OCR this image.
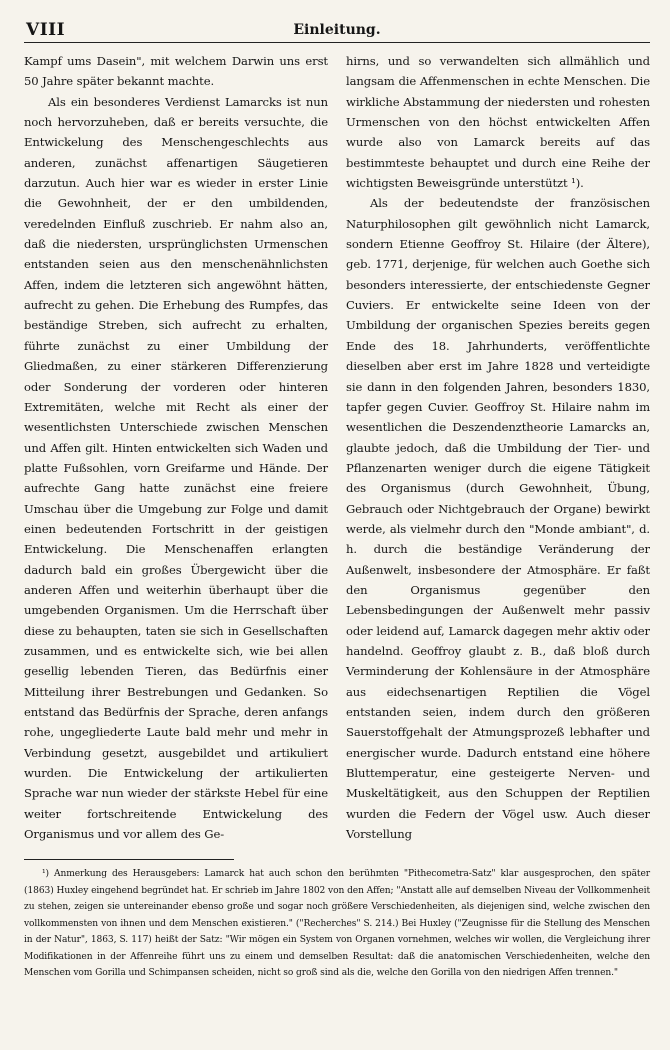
VIII	Einleitung.

Kampf ums Dasein", mit welchem Darwin uns erst 50 Jahre später bekannt machte.

Als ein besonderes Verdienst Lamarcks ist nun noch hervorzuheben, daß er bereits versuchte, die Entwickelung des Menschengeschlechts aus anderen, zunächst affenartigen Säugetieren darzutun. Auch hier war es wieder in erster Linie die Gewohnheit, der er den umbildenden, veredelnden Einfluß zuschrieb. Er nahm also an, daß die niedersten, ursprünglichsten Urmenschen entstanden seien aus den menschenähnlichsten Affen, indem die letzteren sich angewöhnt hätten, aufrecht zu gehen. Die Erhebung des Rumpfes, das beständige Streben, sich aufrecht zu erhalten, führte zunächst zu einer Umbildung der Gliedmaßen, zu einer stärkeren Differenzierung oder Sonderung der vorderen oder hinteren Extremitäten, welche mit Recht als einer der wesentlichsten Unterschiede zwischen Menschen und Affen gilt. Hinten entwickelten sich Waden und platte Fußsohlen, vorn Greifarme und Hände. Der aufrechte Gang hatte zunächst eine freiere Umschau über die Umgebung zur Folge und damit einen bedeutenden Fortschritt in der geistigen Entwickelung. Die Menschenaffen erlangten dadurch bald ein großes Übergewicht über die anderen Affen und weiterhin überhaupt über die umgebenden Organismen. Um die Herrschaft über diese zu behaupten, taten sie sich in Gesellschaften zusammen, und es entwickelte sich, wie bei allen gesellig lebenden Tieren, das Bedürfnis einer Mitteilung ihrer Bestrebungen und Gedanken. So entstand das Bedürfnis der Sprache, deren anfangs rohe, ungegliederte Laute bald mehr und mehr in Verbindung gesetzt, ausgebildet und artikuliert wurden. Die Entwickelung der artikulierten Sprache war nun wieder der stärkste Hebel für eine weiter fortschreitende Entwickelung des Organismus und vor allem des Ge-

hirns, und so verwandelten sich allmählich und langsam die Affenmenschen in echte Menschen. Die wirkliche Abstammung der niedersten und rohesten Urmenschen von den höchst entwickelten Affen wurde also von Lamarck bereits auf das bestimmteste behauptet und durch eine Reihe der wichtigsten Beweisgründe unterstützt ¹).

Als der bedeutendste der französischen Naturphilosophen gilt gewöhnlich nicht Lamarck, sondern Etienne Geoffroy St. Hilaire (der Ältere), geb. 1771, derjenige, für welchen auch Goethe sich besonders interessierte, der entschiedenste Gegner Cuviers. Er entwickelte seine Ideen von der Umbildung der organischen Spezies bereits gegen Ende des 18. Jahrhunderts, veröffentlichte dieselben aber erst im Jahre 1828 und verteidigte sie dann in den folgenden Jahren, besonders 1830, tapfer gegen Cuvier. Geoffroy St. Hilaire nahm im wesentlichen die Deszendenztheorie Lamarcks an, glaubte jedoch, daß die Umbildung der Tier- und Pflanzenarten weniger durch die eigene Tätigkeit des Organismus (durch Gewohnheit, Übung, Gebrauch oder Nichtgebrauch der Organe) bewirkt werde, als vielmehr durch den "Monde ambiant", d. h. durch die beständige Veränderung der Außenwelt, insbesondere der Atmosphäre. Er faßt den Organismus gegenüber den Lebensbedingungen der Außenwelt mehr passiv oder leidend auf, Lamarck dagegen mehr aktiv oder handelnd. Geoffroy glaubt z. B., daß bloß durch Verminderung der Kohlensäure in der Atmosphäre aus eidechsenartigen Reptilien die Vögel entstanden seien, indem durch den größeren Sauerstoffgehalt der Atmungsprozeß lebhafter und energischer wurde. Dadurch entstand eine höhere Bluttemperatur, eine gesteigerte Nerven- und Muskeltätigkeit, aus den Schuppen der Reptilien wurden die Federn der Vögel usw. Auch dieser Vorstellung

¹) Anmerkung des Herausgebers: Lamarck hat auch schon den berühmten "Pithecometra-Satz" klar ausgesprochen, den später (1863) Huxley eingehend begründet hat. Er schrieb im Jahre 1802 von den Affen; "Anstatt alle auf demselben Niveau der Vollkommenheit zu stehen, zeigen sie untereinander ebenso große und sogar noch größere Verschiedenheiten, als diejenigen sind, welche zwischen den vollkommensten von ihnen und dem Menschen existieren." ("Recherches" S. 214.) Bei Huxley ("Zeugnisse für die Stellung des Menschen in der Natur", 1863, S. 117) heißt der Satz: "Wir mögen ein System von Organen vornehmen, welches wir wollen, die Vergleichung ihrer Modifikationen in der Affenreihe führt uns zu einem und demselben Resultat: daß die anatomischen Verschiedenheiten, welche den Menschen vom Gorilla und Schimpansen scheiden, nicht so groß sind als die, welche den Gorilla von den niedrigen Affen trennen."
